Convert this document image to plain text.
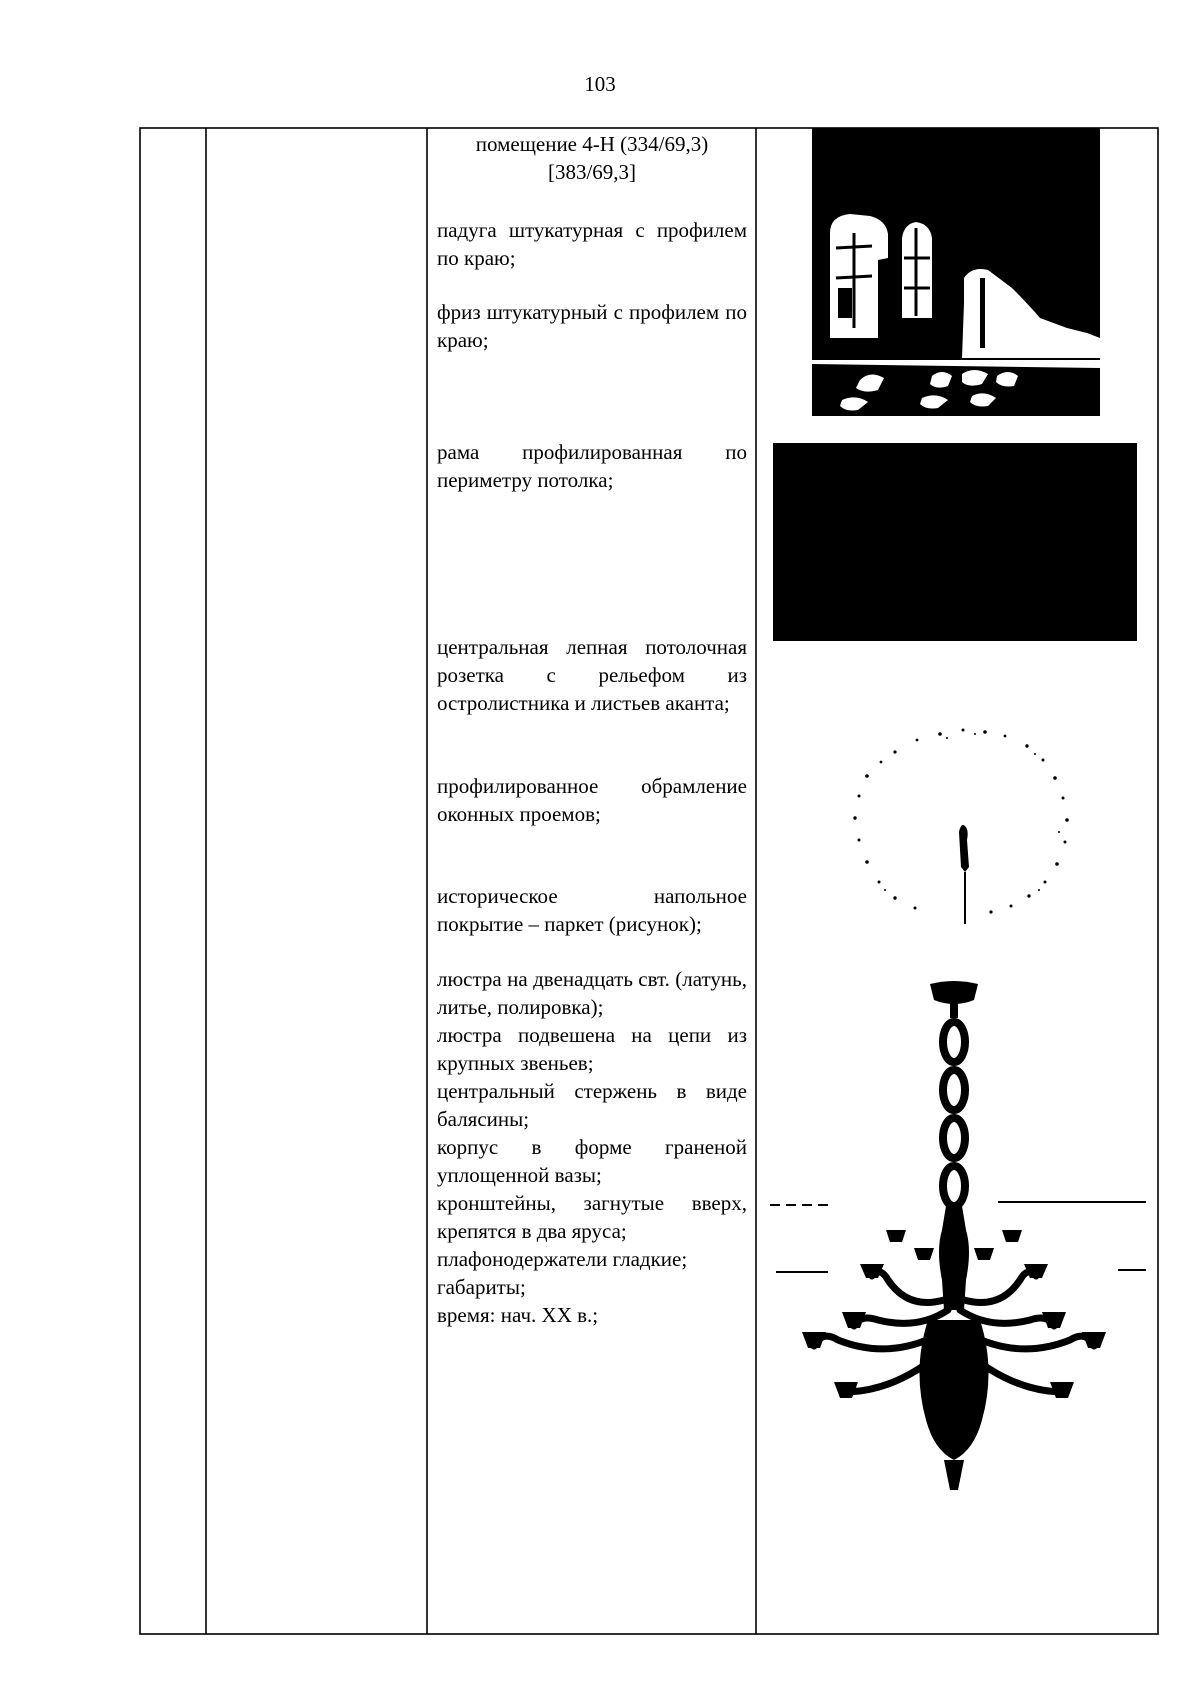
103

помещение 4-Н (334/69,3)

[383/69,3]

падуга штукатурная с профилем по краю;

фриз штукатурный с профилем по краю;

рама профилированная по периметру потолка;

центральная лепная потолочная розетка с рельефом из остролистника и листьев аканта;

профилированное обрамление оконных проемов;

историческое напольное покрытие – паркет (рисунок);

люстра на двенадцать свт. (латунь, литье, полировка);

люстра подвешена на цепи из крупных звеньев;

центральный стержень в виде балясины;

корпус в форме граненой уплощенной вазы;

кронштейны, загнутые вверх, крепятся в два яруса;

плафонодержатели гладкие;

габариты;

время: нач. XX в.;
